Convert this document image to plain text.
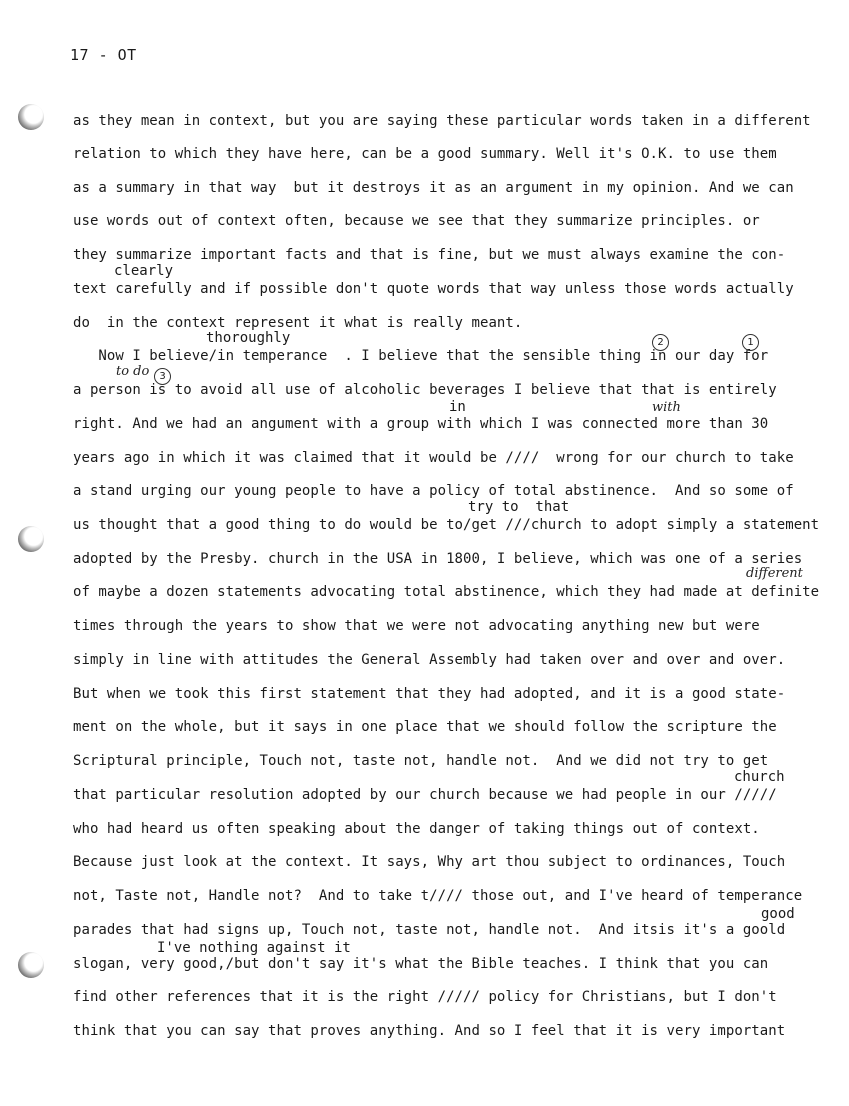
17 - OT
as they mean in context, but you are saying these particular words taken in a different
relation to which they have here, can be a good summary. Well it's O.K. to use them
as a summary in that way  but it destroys it as an argument in my opinion. And we can
use words out of context often, because we see that they summarize principles. or
they summarize important facts and that is fine, but we must always examine the con-
text carefully and if possible don't quote words that way unless those words actually
do  in the context represent it what is really meant.
Now I believe/in temperance  . I believe that the sensible thing in our day for
a person is to avoid all use of alcoholic beverages I believe that that is entirely
right. And we had an angument with a group with which I was connected more than 30
years ago in which it was claimed that it would be ////  wrong for our church to take
a stand urging our young people to have a policy of total abstinence.  And so some of
us thought that a good thing to do would be to/get ///church to adopt simply a statement
adopted by the Presby. church in the USA in 1800, I believe, which was one of a series
of maybe a dozen statements advocating total abstinence, which they had made at definite
times through the years to show that we were not advocating anything new but were
simply in line with attitudes the General Assembly had taken over and over and over.
But when we took this first statement that they had adopted, and it is a good state-
ment on the whole, but it says in one place that we should follow the scripture the
Scriptural principle, Touch not, taste not, handle not.  And we did not try to get
that particular resolution adopted by our church because we had people in our /////
who had heard us often speaking about the danger of taking things out of context.
Because just look at the context. It says, Why art thou subject to ordinances, Touch
not, Taste not, Handle not?  And to take t//// those out, and I've heard of temperance
parades that had signs up, Touch not, taste not, handle not.  And itsis it's a goold
slogan, very good,/but don't say it's what the Bible teaches. I think that you can
find other references that it is the right ///// policy for Christians, but I don't
think that you can say that proves anything. And so I feel that it is very important
clearly
thoroughly
in
try to  that
church
good
I've nothing against it
to do 3
2	1
with
different
